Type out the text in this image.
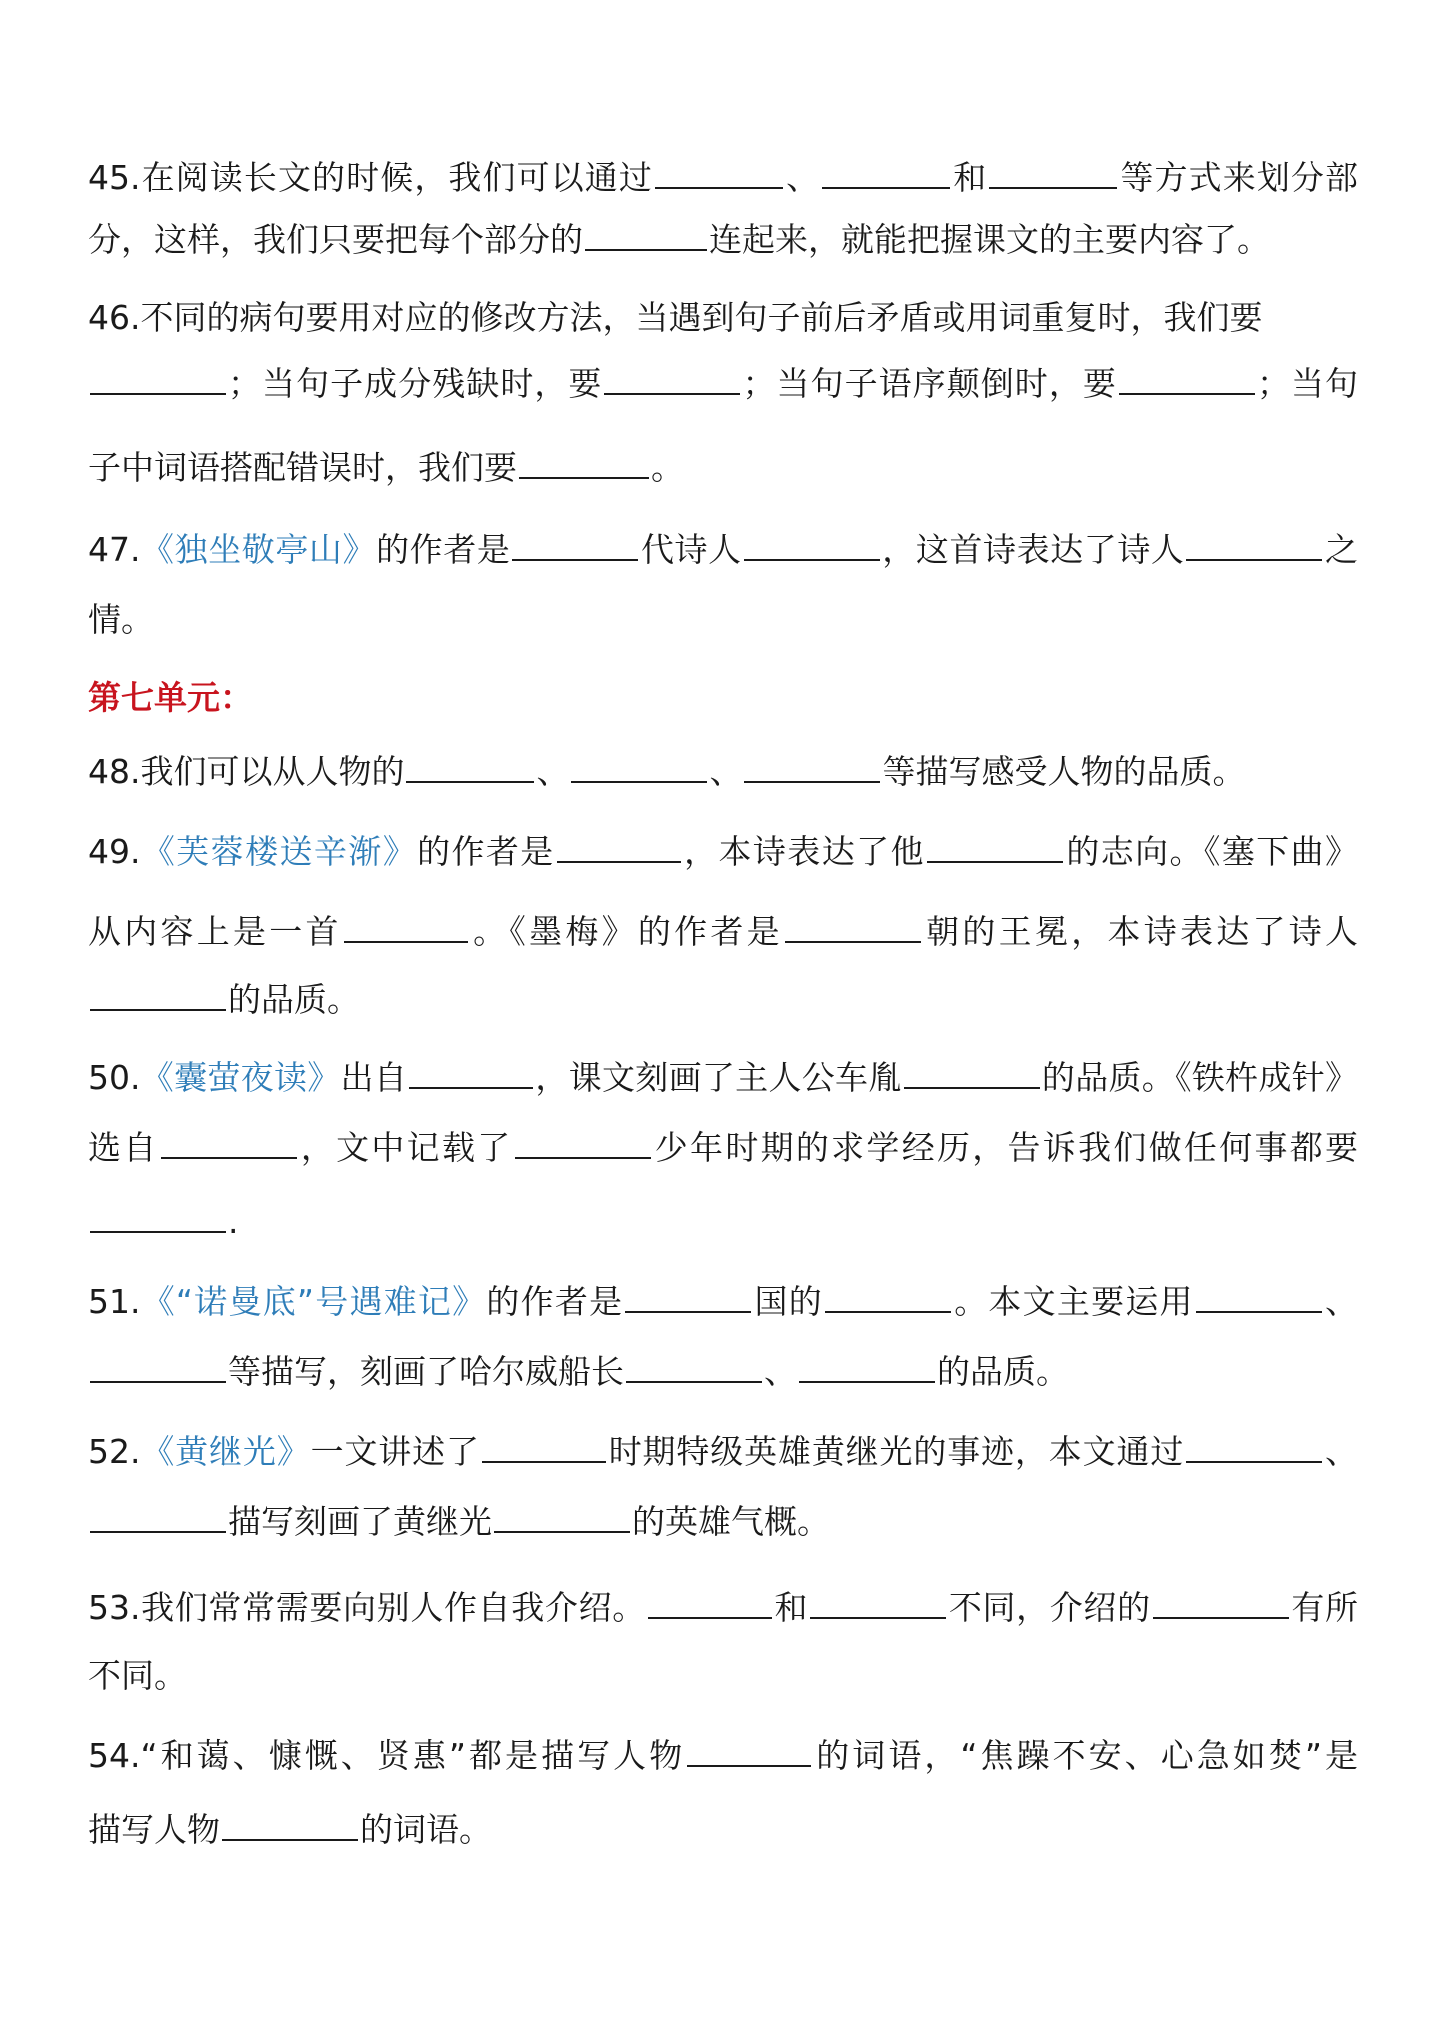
45.在阅读长文的时候，我们可以通过	、	和	等方式来划分部
分，这样，我们只要把每个部分的	连起来，就能把握课文的主要内容了。
46.不同的病句要用对应的修改方法，当遇到句子前后矛盾或用词重复时，我们要
；当句子成分残缺时，要	；当句子语序颠倒时，要	；当句
子中词语搭配错误时，我们要	。
47.《独坐敬亭山》的作者是	代诗人	，这首诗表达了诗人	之
情。
第七单元：
48.我们可以从人物的	、	、	等描写感受人物的品质。
49.《芙蓉楼送辛渐》的作者是	，本诗表达了他	的志向。《塞下曲》
从内容上是一首	。《墨梅》的作者是	朝的王冕，本诗表达了诗人
的品质。
50.《囊萤夜读》出自	，课文刻画了主人公车胤	的品质。《铁杵成针》
选自	，文中记载了	少年时期的求学经历，告诉我们做任何事都要
.
51.《“诺曼底”号遇难记》的作者是	国的	。本文主要运用	、
等描写，刻画了哈尔威船长	、	的品质。
52.《黄继光》一文讲述了	时期特级英雄黄继光的事迹，本文通过	、
描写刻画了黄继光	的英雄气概。
53.我们常常需要向别人作自我介绍。	和	不同，介绍的	有所
不同。
54.“和蔼、慷慨、贤惠”都是描写人物	的词语，“焦躁不安、心急如焚”是
描写人物	的词语。
